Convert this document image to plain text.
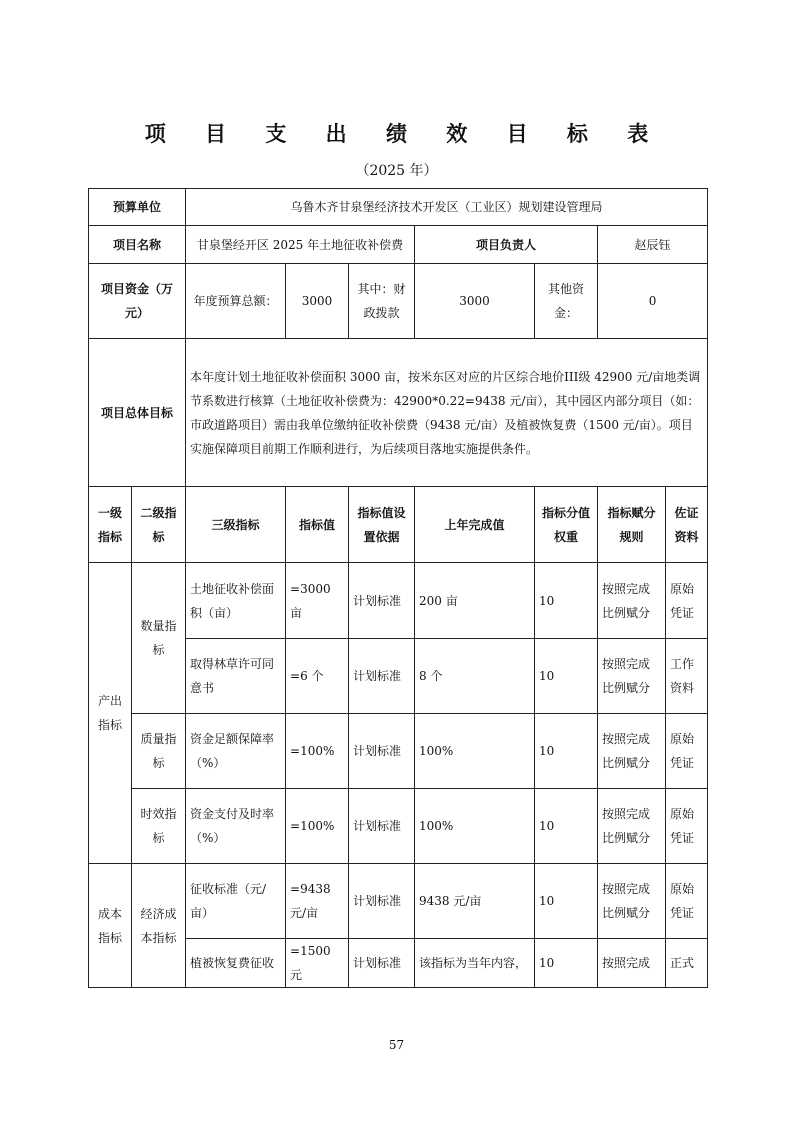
项 目 支 出 绩 效 目 标 表
（2025 年）
预算单位		乌鲁木齐甘泉堡经济技术开发区（工业区）规划建设管理局						
项目名称		甘泉堡经开区 2025 年土地征收补偿费			项目负责人		赵辰钰	
项目资金（万元）		年度预算总额：	3000	其中：财政拨款	3000	其他资金：	0	
项目总体目标		本年度计划土地征收补偿面积 3000 亩，按米东区对应的片区综合地价III级 42900 元/亩地类调节系数进行核算（土地征收补偿费为：42900*0.22=9438 元/亩），其中园区内部分项目（如：市政道路项目）需由我单位缴纳征收补偿费（9438 元/亩）及植被恢复费（1500 元/亩）。项目实施保障项目前期工作顺利进行，为后续项目落地实施提供条件。						
一级指标	二级指标	三级指标	指标值	指标值设置依据	上年完成值	指标分值权重	指标赋分规则	佐证资料
产出指标	数量指标	土地征收补偿面积（亩）	=3000 亩	计划标准	200 亩	10	按照完成比例赋分	原始凭证
		取得林草许可同意书	=6 个	计划标准	8 个	10	按照完成比例赋分	工作资料
	质量指标	资金足额保障率（%）	=100%	计划标准	100%	10	按照完成比例赋分	原始凭证
	时效指标	资金支付及时率（%）	=100%	计划标准	100%	10	按照完成比例赋分	原始凭证
成本指标	经济成本指标	征收标准（元/亩）	=9438 元/亩	计划标准	9438 元/亩	10	按照完成比例赋分	原始凭证
		植被恢复费征收	=1500 元	计划标准	该指标为当年内容，	10	按照完成	正式
57
